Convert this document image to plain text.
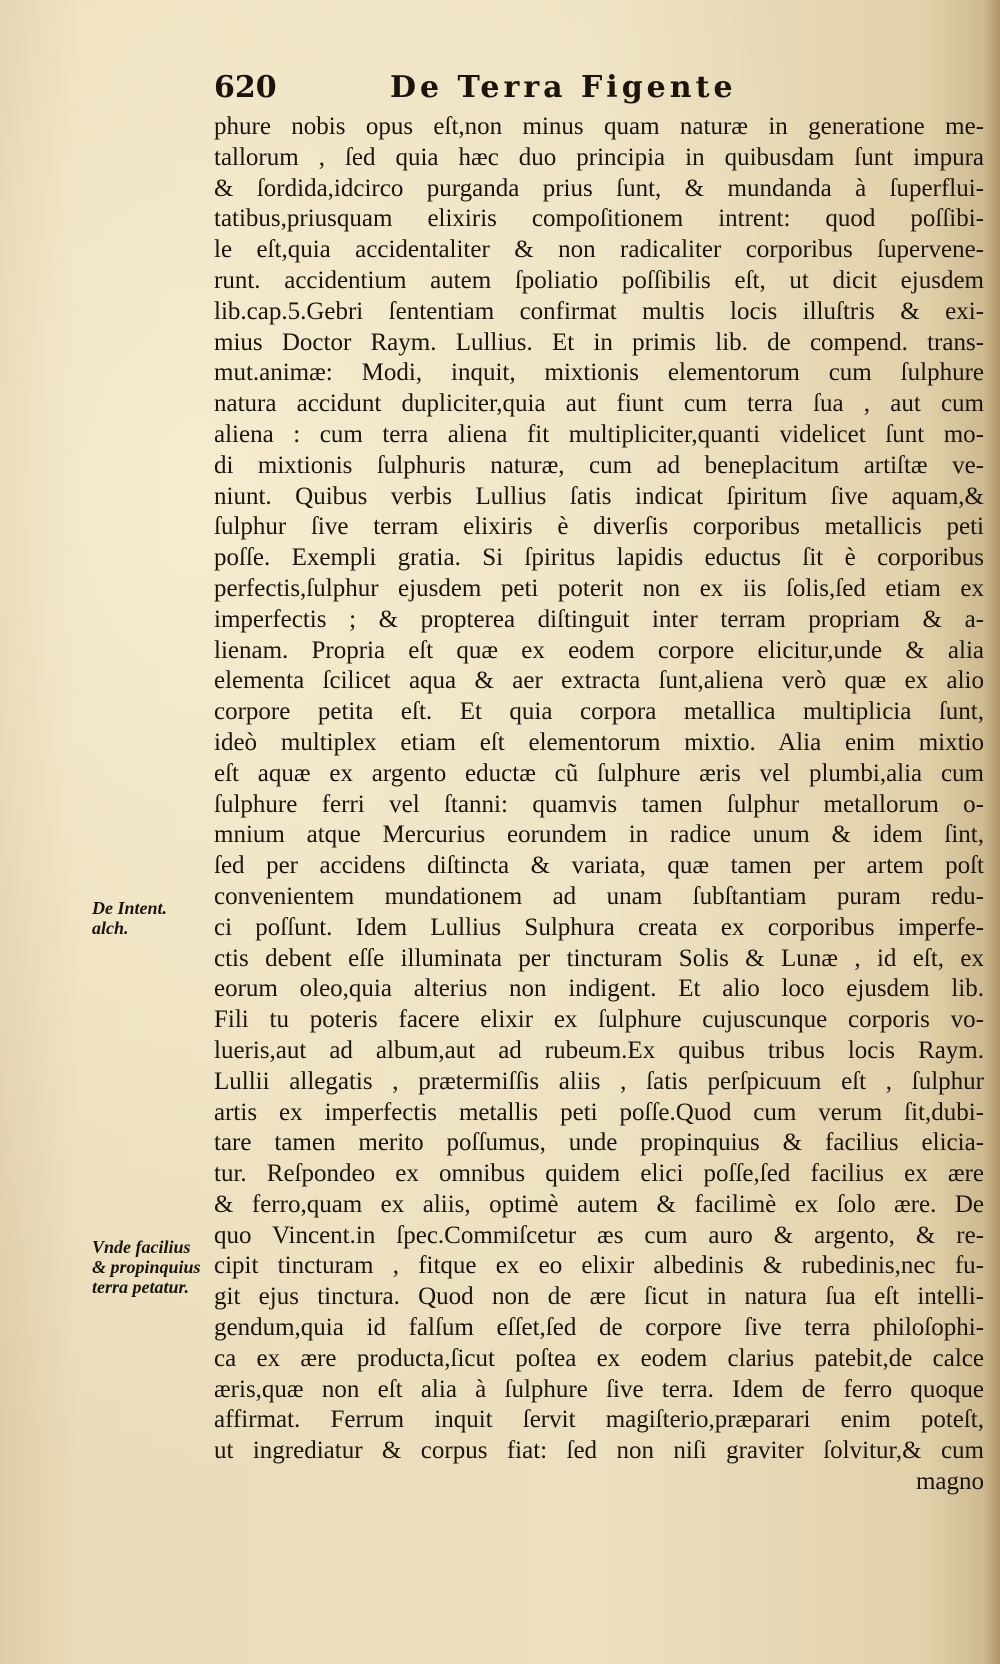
620	De Terra Figente
phure nobis opus eſt,non minus quam naturæ in generatione me-
tallorum , ſed quia hæc duo principia in quibusdam ſunt impura
& ſordida,idcirco purganda prius ſunt, & mundanda à ſuperflui-
tatibus,priusquam elixiris compoſitionem intrent: quod poſſibi-
le eſt,quia accidentaliter & non radicaliter corporibus ſupervene-
runt. accidentium autem ſpoliatio poſſibilis eſt, ut dicit ejusdem
lib.cap.5.Gebri ſententiam confirmat multis locis illuſtris & exi-
mius Doctor Raym. Lullius. Et in primis lib. de compend. trans-
mut.animæ: Modi, inquit, mixtionis elementorum cum ſulphure
natura accidunt dupliciter,quia aut fiunt cum terra ſua , aut cum
aliena : cum terra aliena fit multipliciter,quanti videlicet ſunt mo-
di mixtionis ſulphuris naturæ, cum ad beneplacitum artiſtæ ve-
niunt. Quibus verbis Lullius ſatis indicat ſpiritum ſive aquam,&
ſulphur ſive terram elixiris è diverſis corporibus metallicis peti
poſſe. Exempli gratia. Si ſpiritus lapidis eductus ſit è corporibus
perfectis,ſulphur ejusdem peti poterit non ex iis ſolis,ſed etiam ex
imperfectis ; & propterea diſtinguit inter terram propriam & a-
lienam. Propria eſt quæ ex eodem corpore elicitur,unde & alia
elementa ſcilicet aqua & aer extracta ſunt,aliena verò quæ ex alio
corpore petita eſt. Et quia corpora metallica multiplicia ſunt,
ideò multiplex etiam eſt elementorum mixtio. Alia enim mixtio
eſt aquæ ex argento eductæ cũ ſulphure æris vel plumbi,alia cum
ſulphure ferri vel ſtanni: quamvis tamen ſulphur metallorum o-
mnium atque Mercurius eorundem in radice unum & idem ſint,
ſed per accidens diſtincta & variata, quæ tamen per artem poſt
convenientem mundationem ad unam ſubſtantiam puram redu-
ci poſſunt. Idem Lullius Sulphura creata ex corporibus imperfe-
ctis debent eſſe illuminata per tincturam Solis & Lunæ , id eſt, ex
eorum oleo,quia alterius non indigent. Et alio loco ejusdem lib.
Fili tu poteris facere elixir ex ſulphure cujuscunque corporis vo-
lueris,aut ad album,aut ad rubeum.Ex quibus tribus locis Raym.
Lullii allegatis , prætermiſſis aliis , ſatis perſpicuum eſt , ſulphur
artis ex imperfectis metallis peti poſſe.Quod cum verum ſit,dubi-
tare tamen merito poſſumus, unde propinquius & facilius elicia-
tur. Reſpondeo ex omnibus quidem elici poſſe,ſed facilius ex ære
& ferro,quam ex aliis, optimè autem & facilimè ex ſolo ære. De
quo Vincent.in ſpec.Commiſcetur æs cum auro & argento, & re-
cipit tincturam , fitque ex eo elixir albedinis & rubedinis,nec fu-
git ejus tinctura. Quod non de ære ſicut in natura ſua eſt intelli-
gendum,quia id falſum eſſet,ſed de corpore ſive terra philoſophi-
ca ex ære producta,ſicut poſtea ex eodem clarius patebit,de calce
æris,quæ non eſt alia à ſulphure ſive terra. Idem de ferro quoque
affirmat. Ferrum inquit ſervit magiſterio,præparari enim poteſt,
ut ingrediatur & corpus fiat: ſed non niſi graviter ſolvitur,& cum
magno
De Intent.
alch.
Vnde facilius
& propinquius
terra petatur.
